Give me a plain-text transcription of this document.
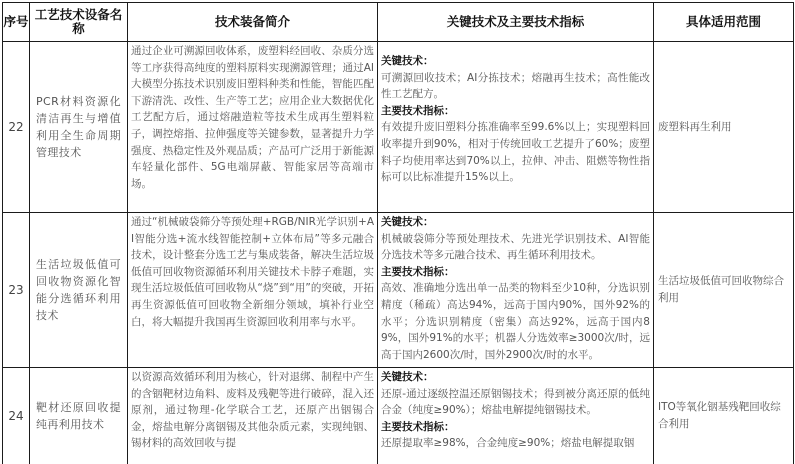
序号	工艺技术设备名称	技术装备简介	关键技术及主要技术指标	具体适用范围

22	PCR材料资源化清洁再生与增值利用全生命周期管理技术	通过企业可溯源回收体系，废塑料经回收、杂质分选等工序获得高纯度的塑料原料实现溯源管理；通过AI大模型分拣技术识别废旧塑料种类和性能，智能匹配下游清洗、改性、生产等工艺；应用企业大数据优化工艺配方后，通过熔融造粒等技术生成再生塑料粒子，调控熔指、拉伸强度等关键参数，显著提升力学强度、热稳定性及外观品质；产品可广泛用于新能源车轻量化部件、5G电端屏蔽、智能家居等高端市场。	关键技术：
可溯源回收技术；AI分拣技术；熔融再生技术；高性能改性工艺配方。
主要技术指标：
有效提升废旧塑料分拣准确率至99.6%以上；实现塑料回收率提升到90%，相对于传统回收工艺提升了60%；废塑料子均使用率达到70%以上，拉伸、冲击、阻燃等物性指标可以比标准提升15%以上。	废塑料再生利用
23	生活垃圾低值可回收物资源化智能分选循环利用技术	通过“机械破袋筛分等预处理+RGB/NIR光学识别+AI智能分选+流水线智能控制+立体布局”等多元融合技术，设计整套分选工艺与集成装备，解决生活垃圾低值可回收物资源循环利用关键技术卡脖子难题，实现生活垃圾低值可回收物从“烧”到“用”的突破，开拓再生资源低值可回收物全新细分领域，填补行业空白，将大幅提升我国再生资源回收利用率与水平。	关键技术：
机械破袋筛分等预处理技术、先进光学识别技术、AI智能分选技术等多元融合技术、再生循环利用技术。
主要技术指标：
高效、准确地分选出单一品类的物料至少10种，分选识别精度（稀疏）高达94%，远高于国内90%，国外92%的水平；分选识别精度（密集）高达92%，远高于国内89%，国外91%的水平；机器人分选效率≥3000次/时，远高于国内2600次/时，国外2900次/时的水平。	生活垃圾低值可回收物综合利用
24	靶材还原回收提纯再利用技术	以资源高效循环利用为核心，针对退绑、制程中产生的含铟靶材边角料、废料及残靶等进行破碎，混入还原剂，通过物理-化学联合工艺，还原产出铟锡合金，熔盐电解分离铟锡及其他杂质元素，实现纯铟、锡材料的高效回收与提	关键技术：
还原-通过逐级控温还原铟锡技术；得到被分离还原的低纯合金（纯度≥90%）；熔盐电解提纯铟锡技术。
主要技术指标：
还原提取率≥98%，合金纯度≥90%；熔盐电解提取铟	ITO等氧化铟基残靶回收综合利用
